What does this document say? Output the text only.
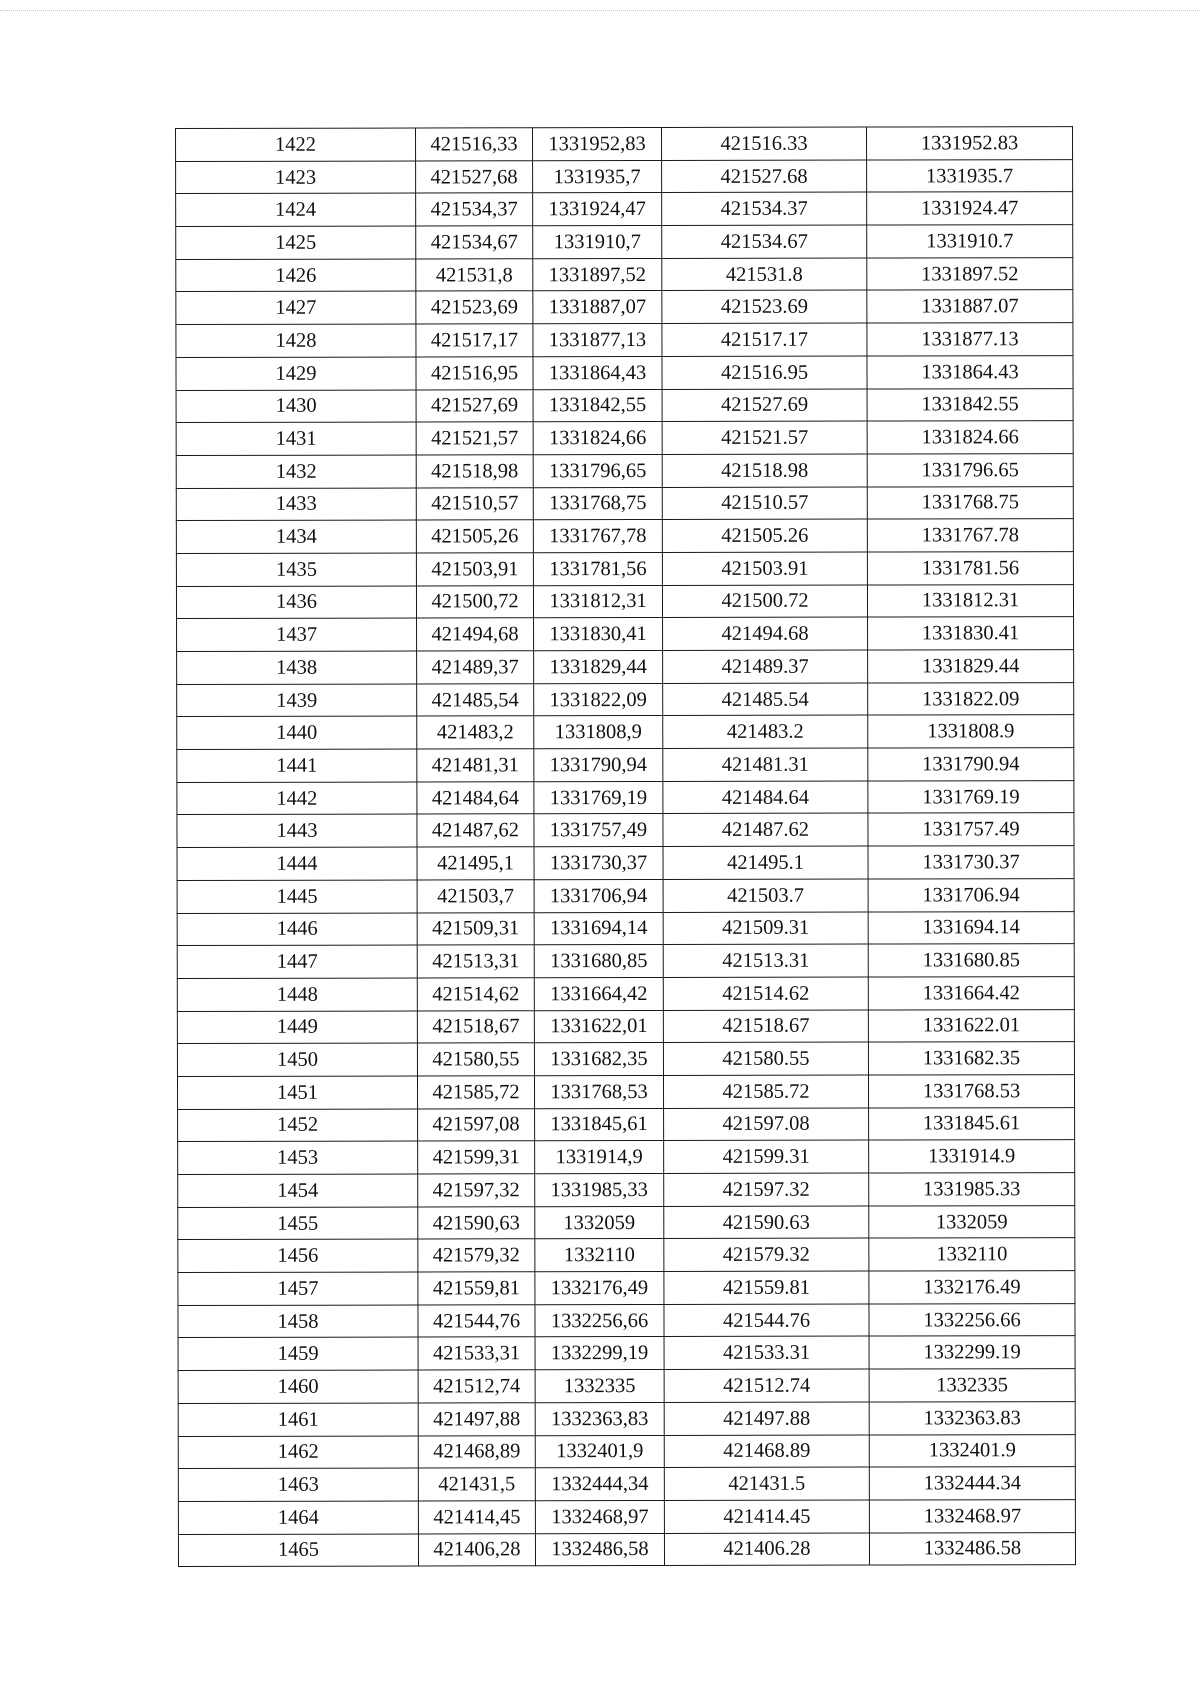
1422	421516,33	1331952,83	421516.33	1331952.83
1423	421527,68	1331935,7	421527.68	1331935.7
1424	421534,37	1331924,47	421534.37	1331924.47
1425	421534,67	1331910,7	421534.67	1331910.7
1426	421531,8	1331897,52	421531.8	1331897.52
1427	421523,69	1331887,07	421523.69	1331887.07
1428	421517,17	1331877,13	421517.17	1331877.13
1429	421516,95	1331864,43	421516.95	1331864.43
1430	421527,69	1331842,55	421527.69	1331842.55
1431	421521,57	1331824,66	421521.57	1331824.66
1432	421518,98	1331796,65	421518.98	1331796.65
1433	421510,57	1331768,75	421510.57	1331768.75
1434	421505,26	1331767,78	421505.26	1331767.78
1435	421503,91	1331781,56	421503.91	1331781.56
1436	421500,72	1331812,31	421500.72	1331812.31
1437	421494,68	1331830,41	421494.68	1331830.41
1438	421489,37	1331829,44	421489.37	1331829.44
1439	421485,54	1331822,09	421485.54	1331822.09
1440	421483,2	1331808,9	421483.2	1331808.9
1441	421481,31	1331790,94	421481.31	1331790.94
1442	421484,64	1331769,19	421484.64	1331769.19
1443	421487,62	1331757,49	421487.62	1331757.49
1444	421495,1	1331730,37	421495.1	1331730.37
1445	421503,7	1331706,94	421503.7	1331706.94
1446	421509,31	1331694,14	421509.31	1331694.14
1447	421513,31	1331680,85	421513.31	1331680.85
1448	421514,62	1331664,42	421514.62	1331664.42
1449	421518,67	1331622,01	421518.67	1331622.01
1450	421580,55	1331682,35	421580.55	1331682.35
1451	421585,72	1331768,53	421585.72	1331768.53
1452	421597,08	1331845,61	421597.08	1331845.61
1453	421599,31	1331914,9	421599.31	1331914.9
1454	421597,32	1331985,33	421597.32	1331985.33
1455	421590,63	1332059	421590.63	1332059
1456	421579,32	1332110	421579.32	1332110
1457	421559,81	1332176,49	421559.81	1332176.49
1458	421544,76	1332256,66	421544.76	1332256.66
1459	421533,31	1332299,19	421533.31	1332299.19
1460	421512,74	1332335	421512.74	1332335
1461	421497,88	1332363,83	421497.88	1332363.83
1462	421468,89	1332401,9	421468.89	1332401.9
1463	421431,5	1332444,34	421431.5	1332444.34
1464	421414,45	1332468,97	421414.45	1332468.97
1465	421406,28	1332486,58	421406.28	1332486.58
